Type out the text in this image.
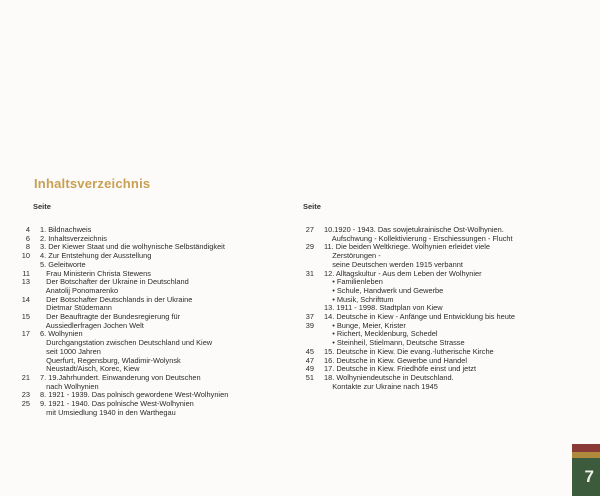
Inhaltsverzeichnis
Seite	Seite
4	1. Bildnachweis
6	2. Inhaltsverzeichnis
8	3. Der Kiewer Staat und die wolhynische Selbständigkeit
10	4. Zur Entstehung der Ausstellung
5. Geleitworte
11	Frau Ministerin Christa Stewens
13	Der Botschafter der Ukraine in Deutschland
Anatolij Ponomarenko
14	Der Botschafter Deutschlands in der Ukraine
Dietmar Stüdemann
15	Der Beauftragte der Bundesregierung für
Aussiedlerfragen Jochen Welt
17	6. Wolhynien
Durchgangstation zwischen Deutschland und Kiew
seit 1000 Jahren
Querfurt, Regensburg, Wladimir-Wolynsk
Neustadt/Aisch, Korec, Kiew
21	7. 19.Jahrhundert. Einwanderung von Deutschen
nach Wolhynien
23	8. 1921 - 1939. Das polnisch gewordene West-Wolhynien
25	9. 1921 - 1940. Das polnische West-Wolhynien
mit Umsiedlung 1940 in den Warthegau
27	10.1920 - 1943. Das sowjetukrainische Ost-Wolhynien.
Aufschwung - Kollektivierung - Erschiessungen - Flucht
29	11. Die beiden Weltkriege. Wolhynien erleidet viele
Zerstörungen -
seine Deutschen werden 1915 verbannt
31	12. Alltagskultur - Aus dem Leben der Wolhynier
• Familienleben
• Schule, Handwerk und Gewerbe
• Musik, Schrifttum
13. 1911 - 1998. Stadtplan von Kiew
37	14. Deutsche in Kiew - Anfänge und Entwicklung bis heute
39	• Bunge, Meier, Krister
• Richert, Mecklenburg, Schedel
• Steinheil, Stielmann, Deutsche Strasse
45	15. Deutsche in Kiew. Die evang.-lutherische Kirche
47	16. Deutsche in Kiew. Gewerbe und Handel
49	17. Deutsche in Kiew. Friedhöfe einst und jetzt
51	18. Wolhyniendeutsche in Deutschland.
Kontakte zur Ukraine nach 1945
7
